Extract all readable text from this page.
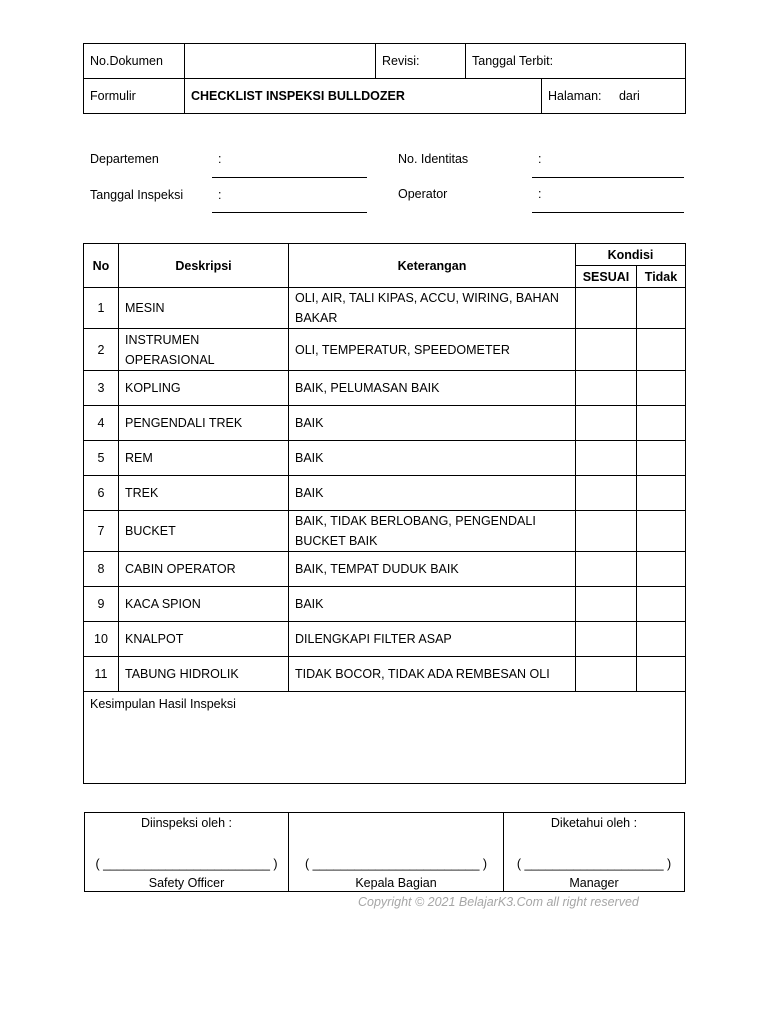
No.Dokumen		Revisi:	Tanggal Terbit:	
Formulir	CHECKLIST INSPEKSI BULLDOZER			Halaman: dari
Departemen	:
Tanggal Inspeksi	:
No. Identitas	:
Operator	:
No	Deskripsi	Keterangan	Kondisi	
			SESUAI	Tidak
1	MESIN	OLI, AIR, TALI KIPAS, ACCU, WIRING, BAHAN BAKAR		
2	INSTRUMEN OPERASIONAL	OLI, TEMPERATUR, SPEEDOMETER		
3	KOPLING	BAIK, PELUMASAN BAIK		
4	PENGENDALI TREK	BAIK		
5	REM	BAIK		
6	TREK	BAIK		
7	BUCKET	BAIK, TIDAK BERLOBANG, PENGENDALI BUCKET BAIK		
8	CABIN OPERATOR	BAIK, TEMPAT DUDUK BAIK		
9	KACA SPION	BAIK		
10	KNALPOT	DILENGKAPI FILTER ASAP		
11	TABUNG HIDROLIK	TIDAK BOCOR, TIDAK ADA REMBESAN OLI		
Kesimpulan Hasil Inspeksi				
Diinspeksi oleh :
( ________________________ )
Safety Officer

( ________________________ )
Kepala Bagian

Diketahui oleh :
( ____________________ )
Manager
Copyright © 2021 BelajarK3.Com all right reserved
